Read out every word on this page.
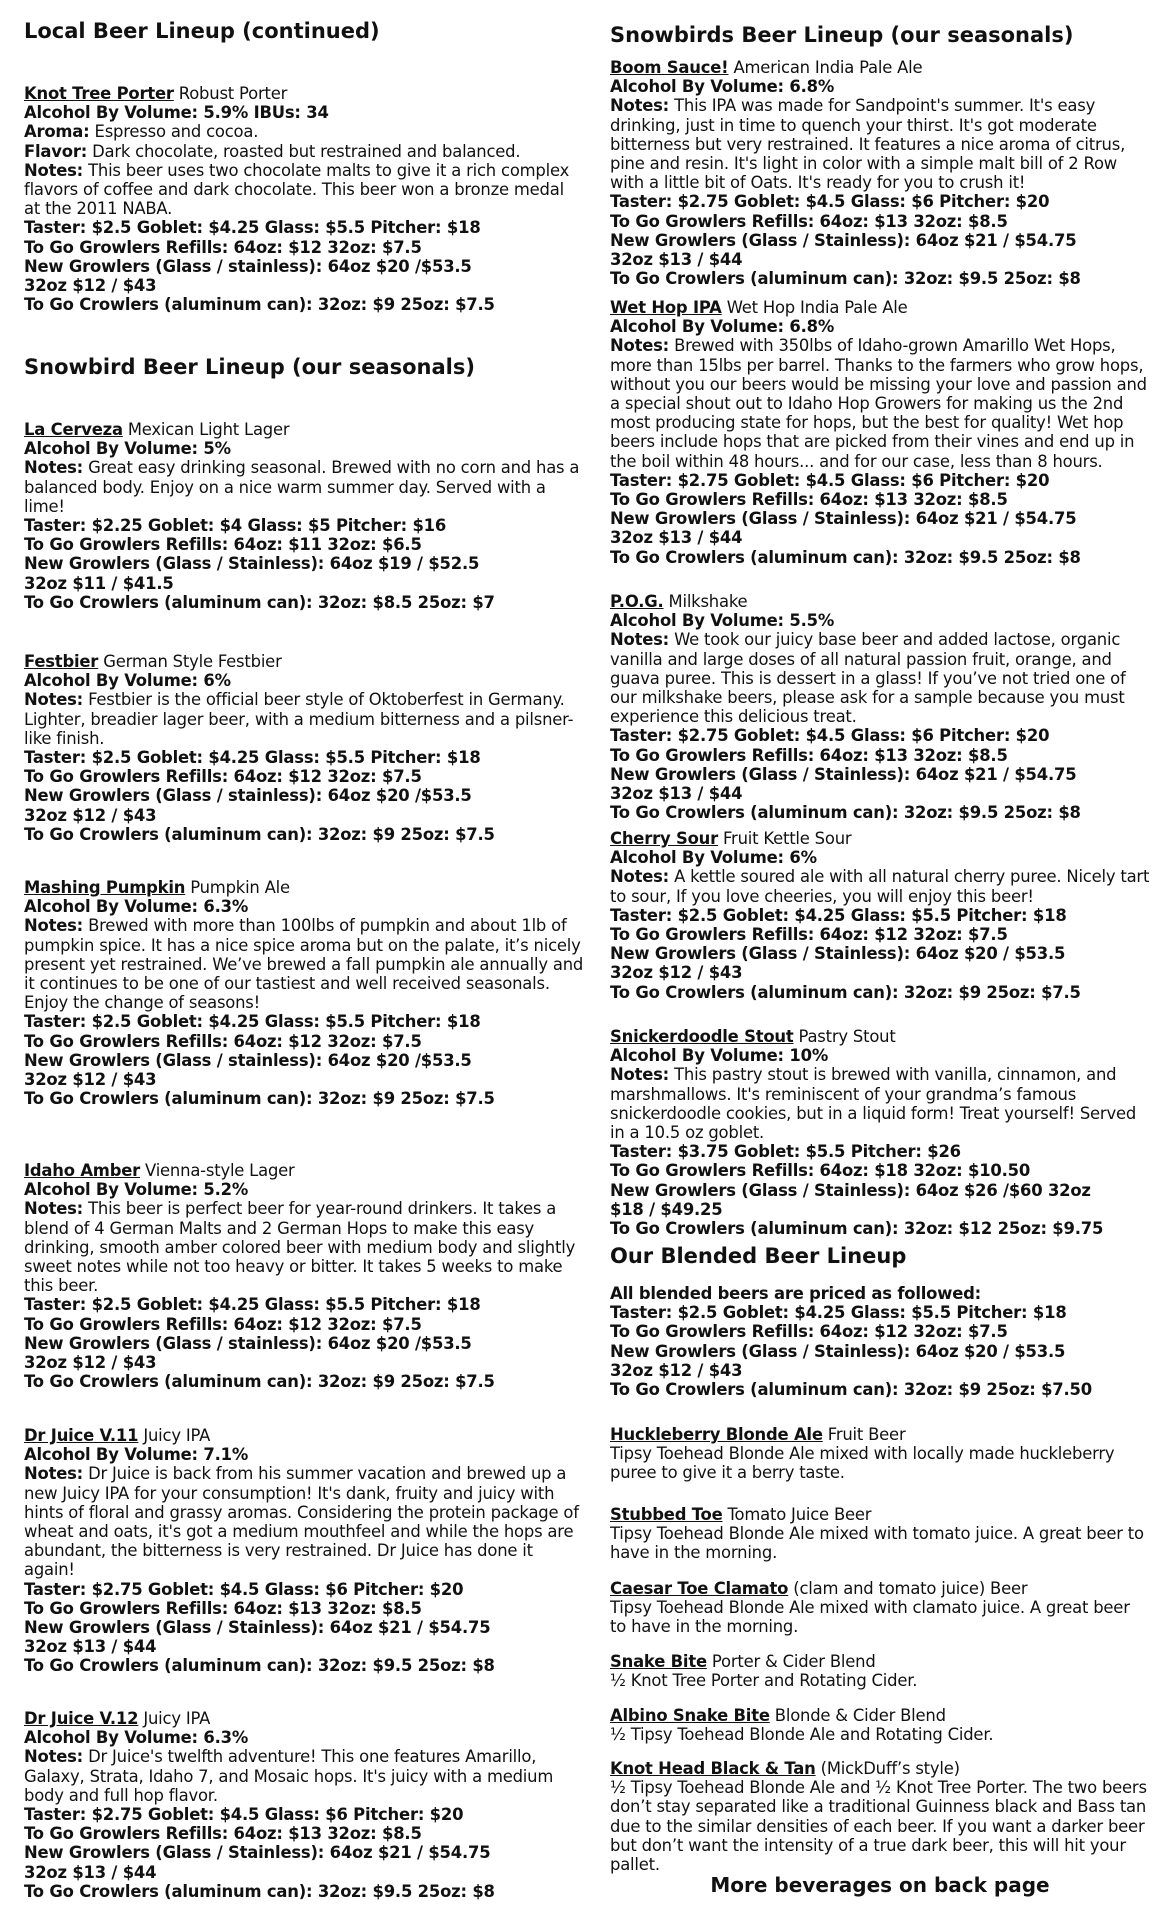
Local Beer Lineup (continued)

Knot Tree Porter Robust Porter

Alcohol By Volume: 5.9% IBUs: 34

Aroma: Espresso and cocoa.

Flavor: Dark chocolate, roasted but restrained and balanced.

Notes: This beer uses two chocolate malts to give it a rich complex flavors of coffee and dark chocolate. This beer won a bronze medal at the 2011 NABA.

Taster: $2.5 Goblet: $4.25 Glass: $5.5 Pitcher: $18

To Go Growlers Refills: 64oz: $12 32oz: $7.5

New Growlers (Glass / stainless): 64oz $20 /$53.5

32oz $12 / $43

To Go Crowlers (aluminum can): 32oz: $9 25oz: $7.5

Snowbird Beer Lineup (our seasonals)

La Cerveza Mexican Light Lager

Alcohol By Volume: 5%

Notes: Great easy drinking seasonal. Brewed with no corn and has a balanced body. Enjoy on a nice warm summer day. Served with a lime!

Taster: $2.25 Goblet: $4 Glass: $5 Pitcher: $16

To Go Growlers Refills: 64oz: $11 32oz: $6.5

New Growlers (Glass / Stainless): 64oz $19 / $52.5

32oz $11 / $41.5

To Go Crowlers (aluminum can): 32oz: $8.5 25oz: $7

Festbier German Style Festbier

Alcohol By Volume: 6%

Notes: Festbier is the official beer style of Oktoberfest in Germany. Lighter, breadier lager beer, with a medium bitterness and a pilsner-like finish.

Taster: $2.5 Goblet: $4.25 Glass: $5.5 Pitcher: $18

To Go Growlers Refills: 64oz: $12 32oz: $7.5

New Growlers (Glass / stainless): 64oz $20 /$53.5

32oz $12 / $43

To Go Crowlers (aluminum can): 32oz: $9 25oz: $7.5

Mashing Pumpkin Pumpkin Ale

Alcohol By Volume: 6.3%

Notes: Brewed with more than 100lbs of pumpkin and about 1lb of pumpkin spice. It has a nice spice aroma but on the palate, it’s nicely present yet restrained. We’ve brewed a fall pumpkin ale annually and it continues to be one of our tastiest and well received seasonals. Enjoy the change of seasons!

Taster: $2.5 Goblet: $4.25 Glass: $5.5 Pitcher: $18

To Go Growlers Refills: 64oz: $12 32oz: $7.5

New Growlers (Glass / stainless): 64oz $20 /$53.5

32oz $12 / $43

To Go Crowlers (aluminum can): 32oz: $9 25oz: $7.5

Idaho Amber Vienna-style Lager

Alcohol By Volume: 5.2%

Notes: This beer is perfect beer for year-round drinkers. It takes a blend of 4 German Malts and 2 German Hops to make this easy drinking, smooth amber colored beer with medium body and slightly sweet notes while not too heavy or bitter. It takes 5 weeks to make this beer.

Taster: $2.5 Goblet: $4.25 Glass: $5.5 Pitcher: $18

To Go Growlers Refills: 64oz: $12 32oz: $7.5

New Growlers (Glass / stainless): 64oz $20 /$53.5

32oz $12 / $43

To Go Crowlers (aluminum can): 32oz: $9 25oz: $7.5

Dr Juice V.11 Juicy IPA

Alcohol By Volume: 7.1%

Notes: Dr Juice is back from his summer vacation and brewed up a new Juicy IPA for your consumption! It's dank, fruity and juicy with hints of floral and grassy aromas. Considering the protein package of wheat and oats, it's got a medium mouthfeel and while the hops are abundant, the bitterness is very restrained. Dr Juice has done it again!

Taster: $2.75 Goblet: $4.5 Glass: $6 Pitcher: $20

To Go Growlers Refills: 64oz: $13 32oz: $8.5

New Growlers (Glass / Stainless): 64oz $21 / $54.75

32oz $13 / $44

To Go Crowlers (aluminum can): 32oz: $9.5 25oz: $8

Dr Juice V.12 Juicy IPA

Alcohol By Volume: 6.3%

Notes: Dr Juice's twelfth adventure! This one features Amarillo, Galaxy, Strata, Idaho 7, and Mosaic hops. It's juicy with a medium body and full hop flavor.

Taster: $2.75 Goblet: $4.5 Glass: $6 Pitcher: $20

To Go Growlers Refills: 64oz: $13 32oz: $8.5

New Growlers (Glass / Stainless): 64oz $21 / $54.75

32oz $13 / $44

To Go Crowlers (aluminum can): 32oz: $9.5 25oz: $8

Snowbirds Beer Lineup (our seasonals)

Boom Sauce! American India Pale Ale

Alcohol By Volume: 6.8%

Notes: This IPA was made for Sandpoint's summer. It's easy drinking, just in time to quench your thirst. It's got moderate bitterness but very restrained. It features a nice aroma of citrus, pine and resin. It's light in color with a simple malt bill of 2 Row with a little bit of Oats. It's ready for you to crush it!

Taster: $2.75 Goblet: $4.5 Glass: $6 Pitcher: $20

To Go Growlers Refills: 64oz: $13 32oz: $8.5

New Growlers (Glass / Stainless): 64oz $21 / $54.75

32oz $13 / $44

To Go Crowlers (aluminum can): 32oz: $9.5 25oz: $8

Wet Hop IPA Wet Hop India Pale Ale

Alcohol By Volume: 6.8%

Notes: Brewed with 350lbs of Idaho-grown Amarillo Wet Hops, more than 15lbs per barrel. Thanks to the farmers who grow hops, without you our beers would be missing your love and passion and a special shout out to Idaho Hop Growers for making us the 2nd most producing state for hops, but the best for quality! Wet hop beers include hops that are picked from their vines and end up in the boil within 48 hours... and for our case, less than 8 hours.

Taster: $2.75 Goblet: $4.5 Glass: $6 Pitcher: $20

To Go Growlers Refills: 64oz: $13 32oz: $8.5

New Growlers (Glass / Stainless): 64oz $21 / $54.75

32oz $13 / $44

To Go Crowlers (aluminum can): 32oz: $9.5 25oz: $8

P.O.G. Milkshake

Alcohol By Volume: 5.5%

Notes: We took our juicy base beer and added lactose, organic vanilla and large doses of all natural passion fruit, orange, and guava puree. This is dessert in a glass! If you’ve not tried one of our milkshake beers, please ask for a sample because you must experience this delicious treat.

Taster: $2.75 Goblet: $4.5 Glass: $6 Pitcher: $20

To Go Growlers Refills: 64oz: $13 32oz: $8.5

New Growlers (Glass / Stainless): 64oz $21 / $54.75

32oz $13 / $44

To Go Crowlers (aluminum can): 32oz: $9.5 25oz: $8

Cherry Sour Fruit Kettle Sour

Alcohol By Volume: 6%

Notes: A kettle soured ale with all natural cherry puree. Nicely tart to sour, If you love cheeries, you will enjoy this beer!

Taster: $2.5 Goblet: $4.25 Glass: $5.5 Pitcher: $18

To Go Growlers Refills: 64oz: $12 32oz: $7.5

New Growlers (Glass / Stainless): 64oz $20 / $53.5

32oz $12 / $43

To Go Crowlers (aluminum can): 32oz: $9 25oz: $7.5

Snickerdoodle Stout Pastry Stout

Alcohol By Volume: 10%

Notes: This pastry stout is brewed with vanilla, cinnamon, and marshmallows. It's reminiscent of your grandma’s famous snickerdoodle cookies, but in a liquid form! Treat yourself! Served in a 10.5 oz goblet.

Taster: $3.75 Goblet: $5.5 Pitcher: $26

To Go Growlers Refills: 64oz: $18 32oz: $10.50

New Growlers (Glass / Stainless): 64oz $26 /$60 32oz

$18 / $49.25

To Go Crowlers (aluminum can): 32oz: $12 25oz: $9.75

Our Blended Beer Lineup

All blended beers are priced as followed:

Taster: $2.5 Goblet: $4.25 Glass: $5.5 Pitcher: $18

To Go Growlers Refills: 64oz: $12 32oz: $7.5

New Growlers (Glass / Stainless): 64oz $20 / $53.5

32oz $12 / $43

To Go Crowlers (aluminum can): 32oz: $9 25oz: $7.50

Huckleberry Blonde Ale Fruit Beer

Tipsy Toehead Blonde Ale mixed with locally made huckleberry puree to give it a berry taste.

Stubbed Toe Tomato Juice Beer

Tipsy Toehead Blonde Ale mixed with tomato juice. A great beer to have in the morning.

Caesar Toe Clamato (clam and tomato juice) Beer

Tipsy Toehead Blonde Ale mixed with clamato juice. A great beer to have in the morning.

Snake Bite Porter & Cider Blend

½ Knot Tree Porter and Rotating Cider.

Albino Snake Bite Blonde & Cider Blend

½ Tipsy Toehead Blonde Ale and Rotating Cider.

Knot Head Black & Tan (MickDuff’s style)

½ Tipsy Toehead Blonde Ale and ½ Knot Tree Porter. The two beers don’t stay separated like a traditional Guinness black and Bass tan due to the similar densities of each beer. If you want a darker beer but don’t want the intensity of a true dark beer, this will hit your pallet.

More beverages on back page
